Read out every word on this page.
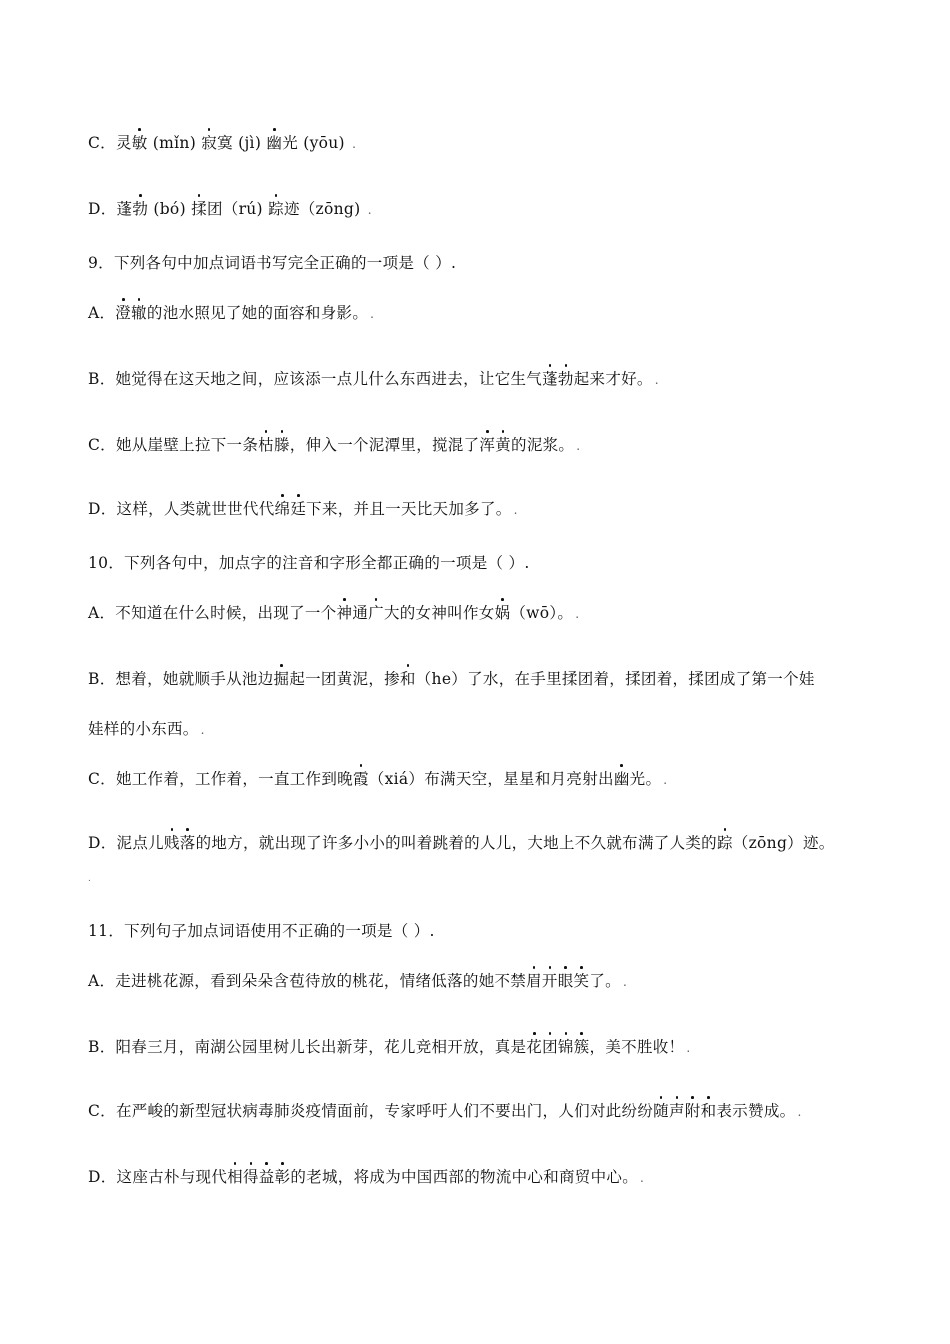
C．灵敏 (mǐn) 寂寞 (jì) 幽光 (yōu) .
D．蓬勃 (bó) 揉团（rú) 踪迹（zōng) .
9．下列各句中加点词语书写完全正确的一项是（ ）.
A．澄辙的池水照见了她的面容和身影。 .
B．她觉得在这天地之间，应该添一点儿什么东西进去，让它生气蓬勃起来才好。 .
C．她从崖壁上拉下一条枯滕，伸入一个泥潭里，搅混了浑黄的泥浆。 .
D．这样，人类就世世代代绵廷下来，并且一天比天加多了。 .
10．下列各句中，加点字的注音和字形全都正确的一项是（ ）.
A．不知道在什么时候，出现了一个神通广大的女神叫作女娲（wō）。 .
B．想着，她就顺手从池边掘起一团黄泥，掺和（he）了水，在手里揉团着，揉团着，揉团成了第一个娃
娃样的小东西。 .
C．她工作着，工作着，一直工作到晚霞（xiá）布满天空，星星和月亮射出幽光。 .
D．泥点儿贱落的地方，就出现了许多小小的叫着跳着的人儿，大地上不久就布满了人类的踪（zōng）迹。
11．下列句子加点词语使用不正确的一项是（ ）.
A．走进桃花源，看到朵朵含苞待放的桃花，情绪低落的她不禁眉开眼笑了。 .
B．阳春三月，南湖公园里树儿长出新芽，花儿竞相开放，真是花团锦簇，美不胜收！ .
C．在严峻的新型冠状病毒肺炎疫情面前，专家呼吁人们不要出门，人们对此纷纷随声附和表示赞成。 .
D．这座古朴与现代相得益彰的老城，将成为中国西部的物流中心和商贸中心。 .
.
